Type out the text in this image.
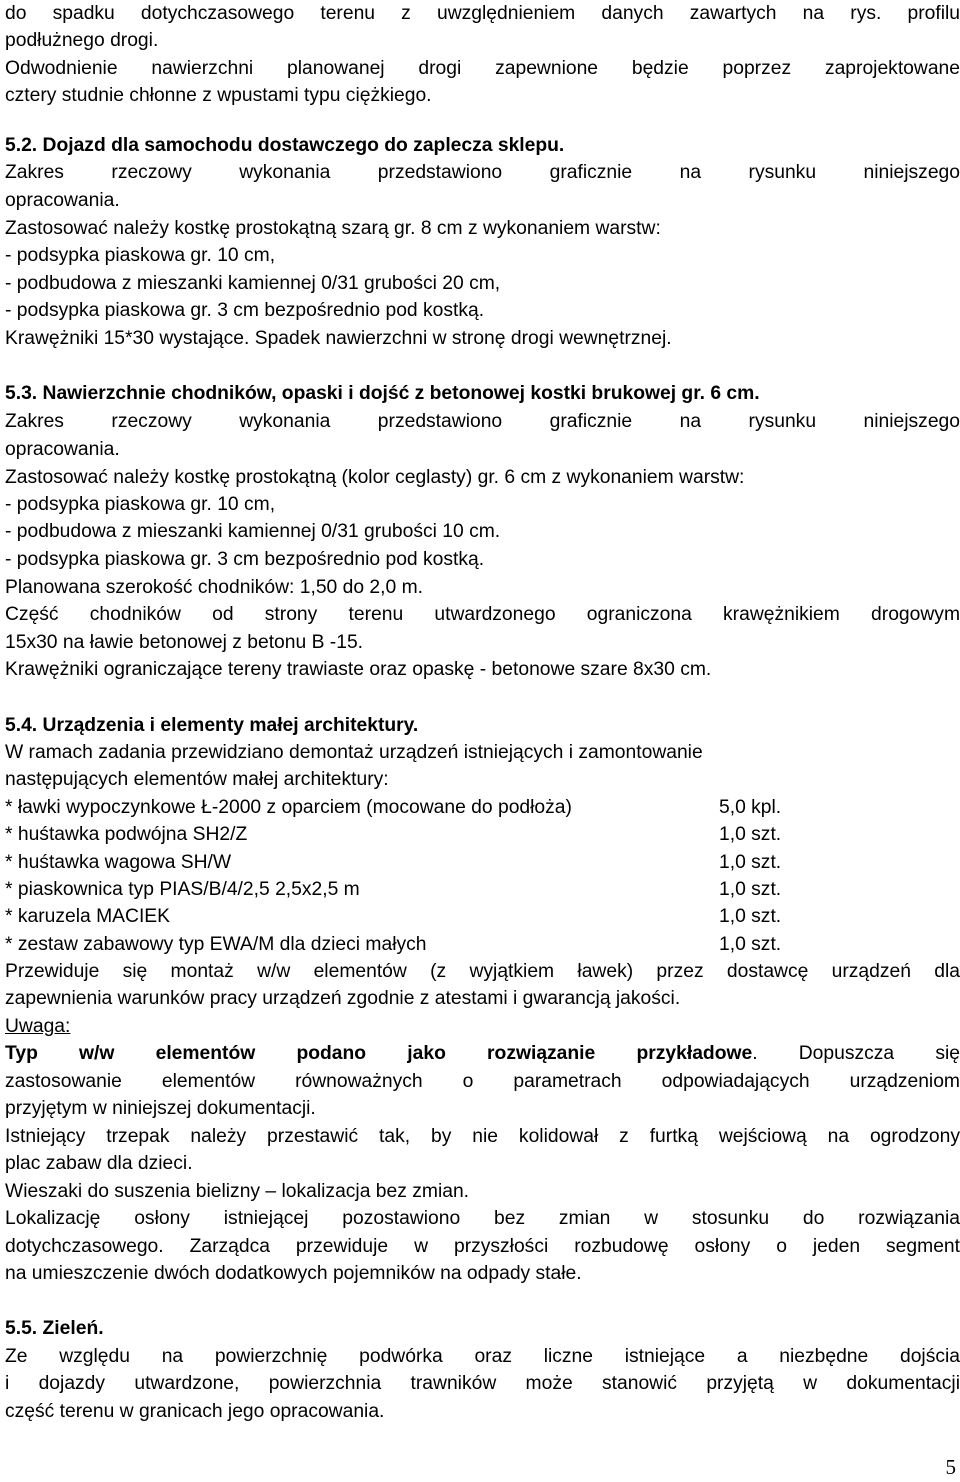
do spadku dotychczasowego terenu z uwzględnieniem danych zawartych na rys. profilu
podłużnego drogi.
Odwodnienie nawierzchni planowanej drogi zapewnione będzie poprzez zaprojektowane
cztery studnie chłonne z wpustami typu ciężkiego.
5.2. Dojazd dla samochodu dostawczego do zaplecza sklepu.
Zakres rzeczowy wykonania przedstawiono graficznie na rysunku niniejszego
opracowania.
Zastosować należy kostkę prostokątną szarą gr. 8 cm z wykonaniem warstw:
- podsypka piaskowa gr. 10 cm,
- podbudowa z mieszanki kamiennej 0/31 grubości 20 cm,
- podsypka piaskowa gr. 3 cm bezpośrednio pod kostką.
Krawężniki 15*30 wystające. Spadek nawierzchni w stronę drogi wewnętrznej.
5.3. Nawierzchnie chodników, opaski i dojść z betonowej kostki brukowej gr. 6 cm.
Zakres rzeczowy wykonania przedstawiono graficznie na rysunku niniejszego
opracowania.
Zastosować należy kostkę prostokątną (kolor ceglasty) gr. 6 cm z wykonaniem warstw:
- podsypka piaskowa gr. 10 cm,
- podbudowa z mieszanki kamiennej 0/31 grubości 10 cm.
- podsypka piaskowa gr. 3 cm bezpośrednio pod kostką.
Planowana szerokość chodników: 1,50 do 2,0 m.
Część chodników od strony terenu utwardzonego ograniczona krawężnikiem drogowym
15x30 na ławie betonowej z betonu B -15.
Krawężniki ograniczające tereny trawiaste oraz opaskę - betonowe szare 8x30 cm.
5.4. Urządzenia i elementy małej architektury.
W ramach zadania przewidziano demontaż urządzeń istniejących i zamontowanie
następujących elementów małej architektury:
* ławki wypoczynkowe Ł-2000 z oparciem (mocowane do podłoża)	5,0 kpl.
* huśtawka podwójna SH2/Z	1,0 szt.
* huśtawka wagowa SH/W	1,0 szt.
* piaskownica typ PIAS/B/4/2,5 2,5x2,5 m	1,0 szt.
* karuzela MACIEK	1,0 szt.
* zestaw zabawowy typ EWA/M dla dzieci małych	1,0 szt.
Przewiduje się montaż w/w elementów (z wyjątkiem ławek) przez dostawcę urządzeń dla
zapewnienia warunków pracy urządzeń zgodnie z atestami i gwarancją jakości.
Uwaga:
Typ w/w elementów podano jako rozwiązanie przykładowe. Dopuszcza się
zastosowanie elementów równoważnych o parametrach odpowiadających urządzeniom
przyjętym w niniejszej dokumentacji.
Istniejący trzepak należy przestawić tak, by nie kolidował z furtką wejściową na ogrodzony
plac zabaw dla dzieci.
Wieszaki do suszenia bielizny – lokalizacja bez zmian.
Lokalizację osłony istniejącej pozostawiono bez zmian w stosunku do rozwiązania
dotychczasowego. Zarządca przewiduje w przyszłości rozbudowę osłony o jeden segment
na umieszczenie dwóch dodatkowych pojemników na odpady stałe.
5.5. Zieleń.
Ze względu na powierzchnię podwórka oraz liczne istniejące a niezbędne dojścia
i dojazdy utwardzone, powierzchnia trawników może stanowić przyjętą w dokumentacji
część terenu w granicach jego opracowania.
5
